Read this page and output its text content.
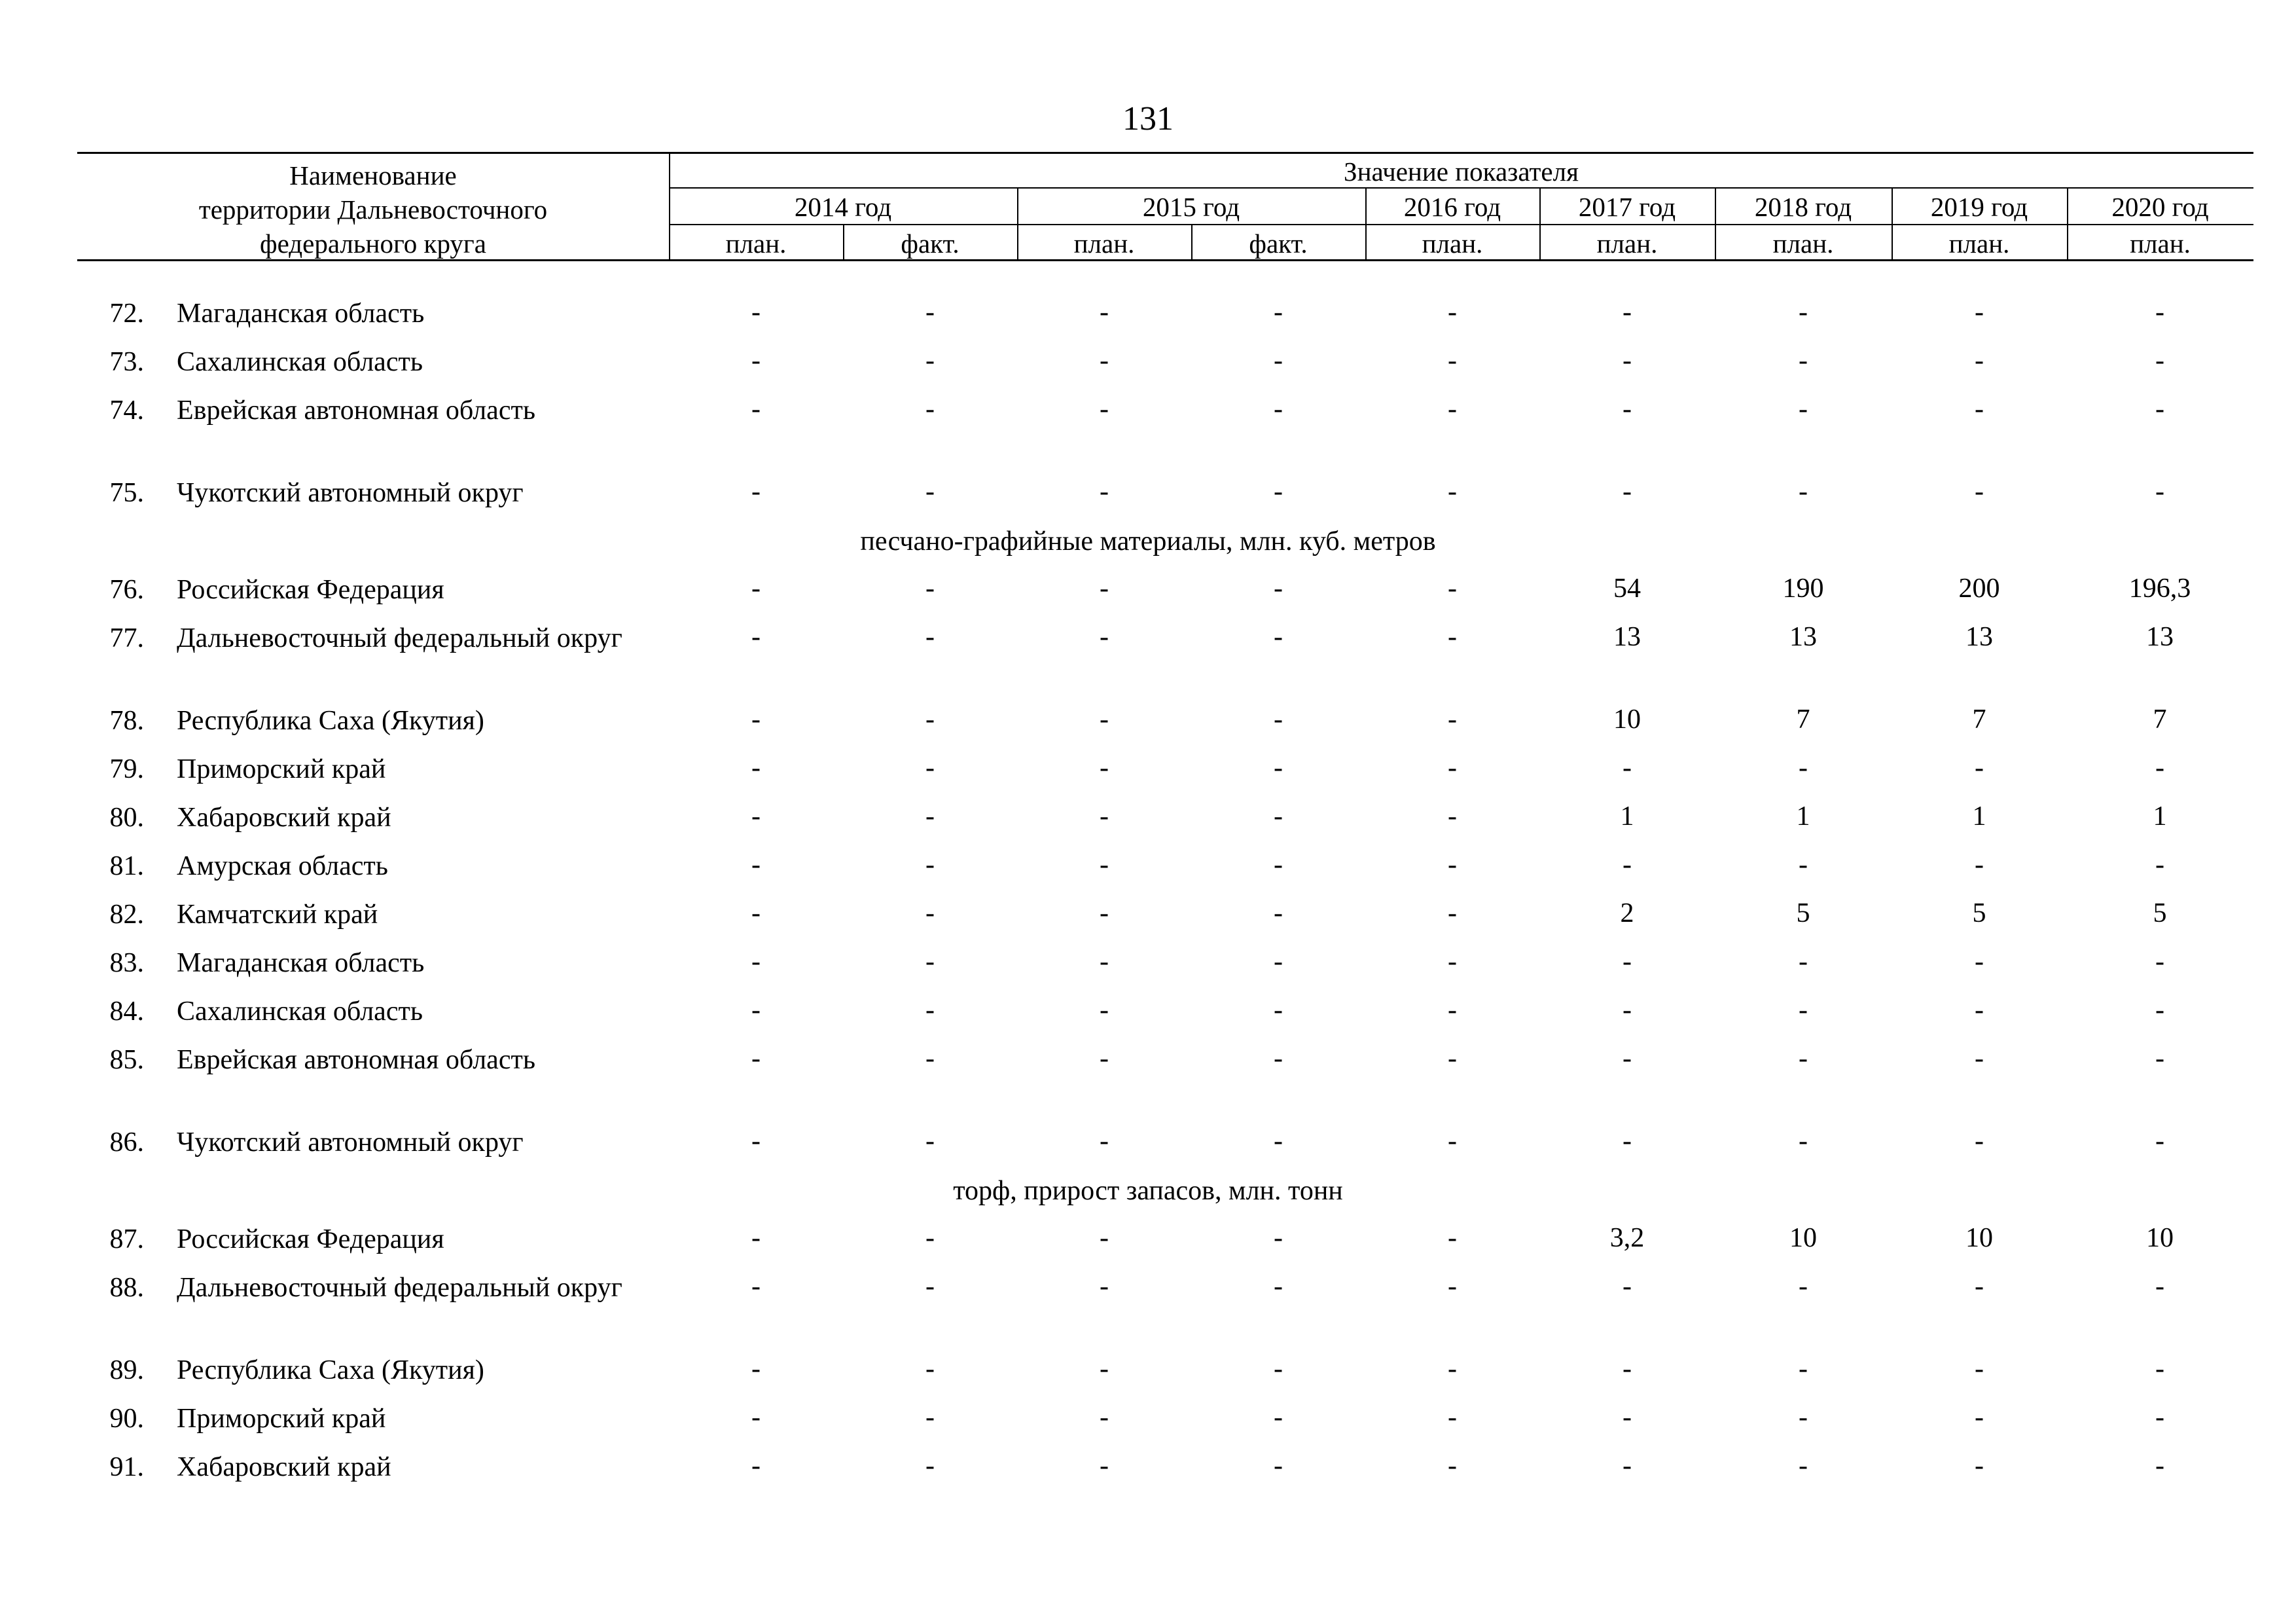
131
Наименование
территории Дальневосточного
федерального круга
Значение показателя
2014 год	2015 год	2016 год	2017 год	2018 год	2019 год	2020 год
план.	факт.	план.	факт.	план.	план.	план.	план.	план.
72. Магаданская область	-	-	-	-	-	-	-	-	-
73. Сахалинская область	-	-	-	-	-	-	-	-	-
74. Еврейская автономная область	-	-	-	-	-	-	-	-	-
75. Чукотский автономный округ	-	-	-	-	-	-	-	-	-
песчано-графийные материалы, млн. куб. метров
76. Российская Федерация	-	-	-	-	-	54	190	200	196,3
77. Дальневосточный федеральный округ	-	-	-	-	-	13	13	13	13
78. Республика Саха (Якутия)	-	-	-	-	-	10	7	7	7
79. Приморский край	-	-	-	-	-	-	-	-	-
80. Хабаровский край	-	-	-	-	-	1	1	1	1
81. Амурская область	-	-	-	-	-	-	-	-	-
82. Камчатский край	-	-	-	-	-	2	5	5	5
83. Магаданская область	-	-	-	-	-	-	-	-	-
84. Сахалинская область	-	-	-	-	-	-	-	-	-
85. Еврейская автономная область	-	-	-	-	-	-	-	-	-
86. Чукотский автономный округ	-	-	-	-	-	-	-	-	-
торф, прирост запасов, млн. тонн
87. Российская Федерация	-	-	-	-	-	3,2	10	10	10
88. Дальневосточный федеральный округ	-	-	-	-	-	-	-	-	-
89. Республика Саха (Якутия)	-	-	-	-	-	-	-	-	-
90. Приморский край	-	-	-	-	-	-	-	-	-
91. Хабаровский край	-	-	-	-	-	-	-	-	-
